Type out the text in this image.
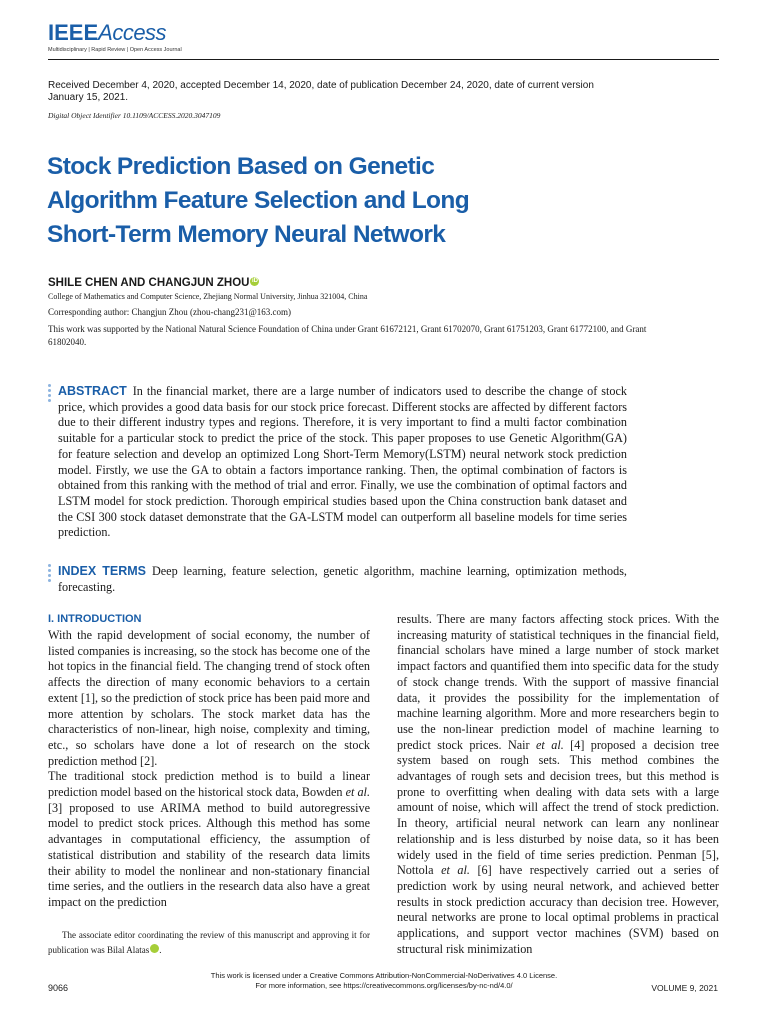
IEEEAccess
Multidisciplinary | Rapid Review | Open Access Journal
Received December 4, 2020, accepted December 14, 2020, date of publication December 24, 2020, date of current version January 15, 2021.
Digital Object Identifier 10.1109/ACCESS.2020.3047109
Stock Prediction Based on Genetic
Algorithm Feature Selection and Long
Short-Term Memory Neural Network
SHILE CHEN AND CHANGJUN ZHOU iD
College of Mathematics and Computer Science, Zhejiang Normal University, Jinhua 321004, China
Corresponding author: Changjun Zhou (zhou-chang231@163.com)
This work was supported by the National Natural Science Foundation of China under Grant 61672121, Grant 61702070, Grant 61751203, Grant 61772100, and Grant 61802040.
ABSTRACT In the financial market, there are a large number of indicators used to describe the change of stock price, which provides a good data basis for our stock price forecast. Different stocks are affected by different factors due to their different industry types and regions. Therefore, it is very important to find a multi factor combination suitable for a particular stock to predict the price of the stock. This paper proposes to use Genetic Algorithm(GA) for feature selection and develop an optimized Long Short-Term Memory(LSTM) neural network stock prediction model. Firstly, we use the GA to obtain a factors importance ranking. Then, the optimal combination of factors is obtained from this ranking with the method of trial and error. Finally, we use the combination of optimal factors and LSTM model for stock prediction. Thorough empirical studies based upon the China construction bank dataset and the CSI 300 stock dataset demonstrate that the GA-LSTM model can outperform all baseline models for time series prediction.
INDEX TERMS Deep learning, feature selection, genetic algorithm, machine learning, optimization methods, forecasting.
I. INTRODUCTION

With the rapid development of social economy, the number of listed companies is increasing, so the stock has become one of the hot topics in the financial field. The changing trend of stock often affects the direction of many economic behaviors to a certain extent [1], so the prediction of stock price has been paid more and more attention by scholars. The stock market data has the characteristics of non-linear, high noise, complexity and timing, etc., so scholars have done a lot of research on the stock prediction method [2].

The traditional stock prediction method is to build a linear prediction model based on the historical stock data, Bowden et al. [3] proposed to use ARIMA method to build autoregressive model to predict stock prices. Although this method has some advantages in computational efficiency, the assumption of statistical distribution and stability of the research data limits their ability to model the nonlinear and non-stationary financial time series, and the outliers in the research data also have a great impact on the prediction

results. There are many factors affecting stock prices. With the increasing maturity of statistical techniques in the financial field, financial scholars have mined a large number of stock market impact factors and quantified them into specific data for the study of stock change trends. With the support of massive financial data, it provides the possibility for the implementation of machine learning algorithm. More and more researchers begin to use the non-linear prediction model of machine learning to predict stock prices. Nair et al. [4] proposed a decision tree system based on rough sets. This method combines the advantages of rough sets and decision trees, but this method is prone to overfitting when dealing with data sets with a large amount of noise, which will affect the trend of stock prediction. In theory, artificial neural network can learn any nonlinear relationship and is less disturbed by noise data, so it has been widely used in the field of time series prediction. Penman [5], Nottola et al. [6] have respectively carried out a series of prediction work by using neural network, and achieved better results in stock prediction accuracy than decision tree. However, neural networks are prone to local optimal problems in practical applications, and support vector machines (SVM) based on structural risk minimization

The associate editor coordinating the review of this manuscript and approving it for publication was Bilal Alatas	iD.

This work is licensed under a Creative Commons Attribution-NonCommercial-NoDerivatives 4.0 License.
For more information, see https://creativecommons.org/licenses/by-nc-nd/4.0/
9066	VOLUME 9, 2021
